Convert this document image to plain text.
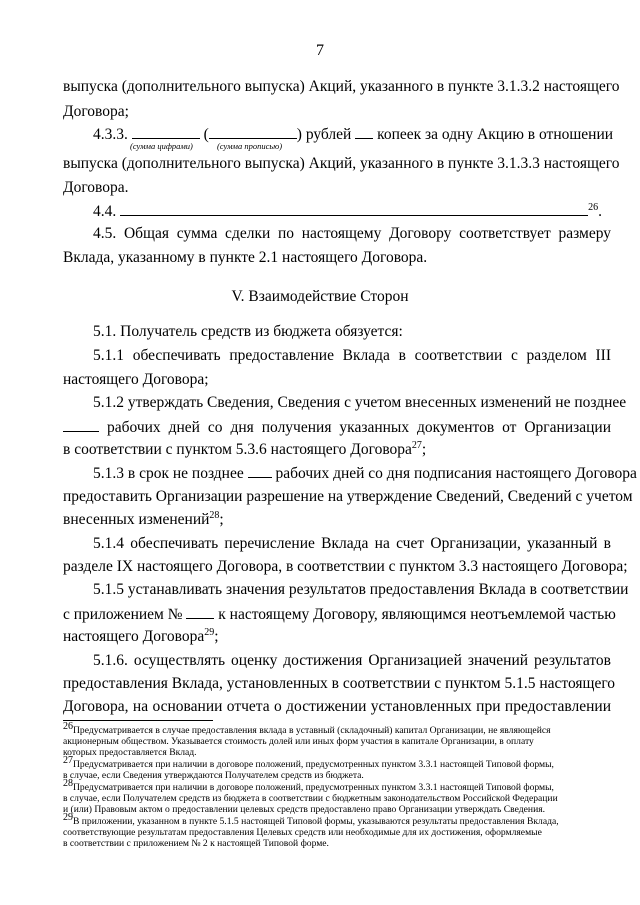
7
выпуска (дополнительного выпуска) Акций, указанного в пункте 3.1.3.2 настоящего
Договора;
4.3.3.	(	) рублей копеек за одну Акцию в отношении
(сумма цифрами)	(сумма прописью)
выпуска (дополнительного выпуска) Акций, указанного в пункте 3.1.3.3 настоящего
Договора.
4.4.	$^{26}$.
4.5. Общая сумма сделки по настоящему Договору соответствует размеру
Вклада, указанному в пункте 2.1 настоящего Договора.
V. Взаимодействие Сторон
5.1. Получатель средств из бюджета обязуется:
5.1.1 обеспечивать предоставление Вклада в соответствии с разделом III
настоящего Договора;
5.1.2 утверждать Сведения, Сведения с учетом внесенных изменений не позднее
рабочих дней со дня получения указанных документов от Организации
в соответствии с пунктом 5.3.6 настоящего Договора$^{27}$;
5.1.3 в срок не позднее рабочих дней со дня подписания настоящего Договора
предоставить Организации разрешение на утверждение Сведений, Сведений с учетом
внесенных изменений$^{28}$;
5.1.4 обеспечивать перечисление Вклада на счет Организации, указанный в
разделе IX настоящего Договора, в соответствии с пунктом 3.3 настоящего Договора;
5.1.5 устанавливать значения результатов предоставления Вклада в соответствии
с приложением № к настоящему Договору, являющимся неотъемлемой частью
настоящего Договора$^{29}$;
5.1.6. осуществлять оценку достижения Организацией значений результатов
предоставления Вклада, установленных в соответствии с пунктом 5.1.5 настоящего
Договора, на основании отчета о достижении установленных при предоставлении
$^{26}$Предусматривается в случае предоставления вклада в уставный (складочный) капитал Организации, не являющейся
акционерным обществом. Указывается стоимость долей или иных форм участия в капитале Организации, в оплату
которых предоставляется Вклад.
$^{27}$Предусматривается при наличии в договоре положений, предусмотренных пунктом 3.3.1 настоящей Типовой формы,
в случае, если Сведения утверждаются Получателем средств из бюджета.
$^{28}$Предусматривается при наличии в договоре положений, предусмотренных пунктом 3.3.1 настоящей Типовой формы,
в случае, если Получателем средств из бюджета в соответствии с бюджетным законодательством Российской Федерации
и (или) Правовым актом о предоставлении целевых средств предоставлено право Организации утверждать Сведения.
$^{29}$В приложении, указанном в пункте 5.1.5 настоящей Типовой формы, указываются результаты предоставления Вклада,
соответствующие результатам предоставления Целевых средств или необходимые для их достижения, оформляемые
в соответствии с приложением № 2 к настоящей Типовой форме.
